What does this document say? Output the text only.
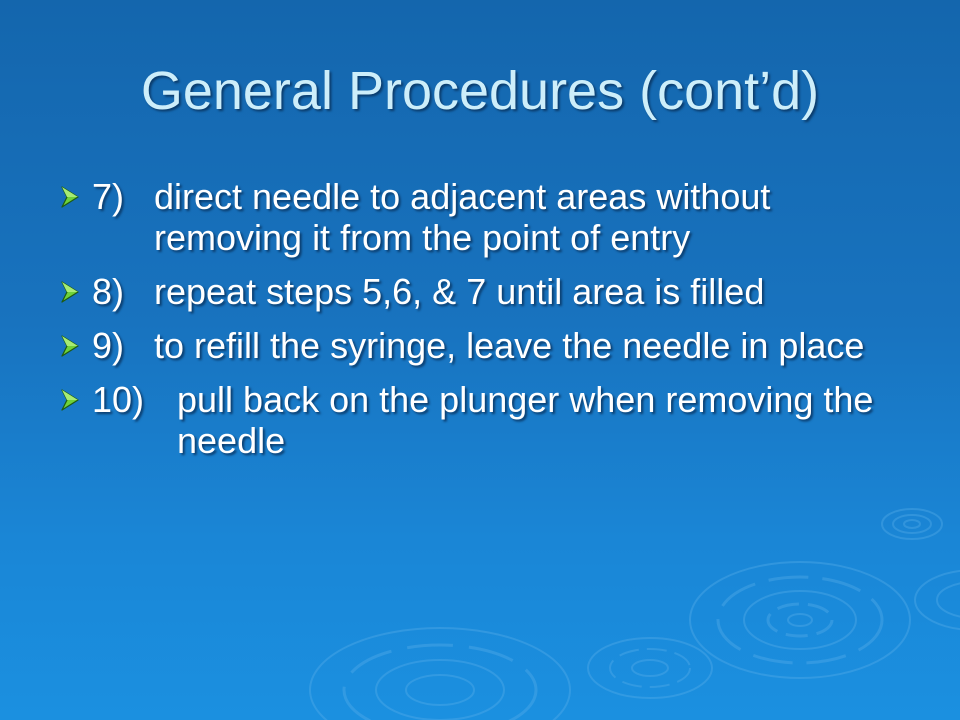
General Procedures (cont’d)
7) direct needle to adjacent areas without removing it from the point of entry
8) repeat steps 5,6, & 7 until area is filled
9) to refill the syringe, leave the needle in place
10) pull back on the plunger when removing the needle
